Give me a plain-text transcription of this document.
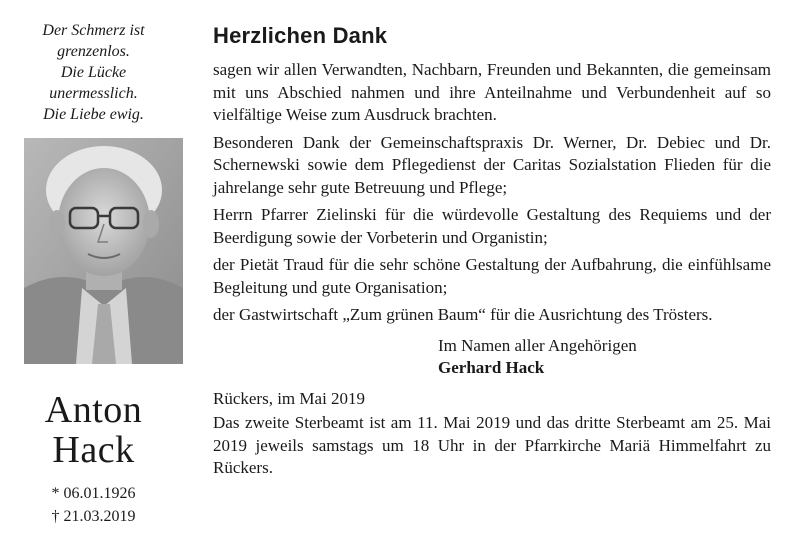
Der Schmerz ist
grenzenlos.
Die Lücke
unermesslich.
Die Liebe ewig.
Anton
Hack
* 06.01.1926
† 21.03.2019
Herzlichen Dank

sagen wir allen Verwandten, Nachbarn, Freunden und Bekannten, die gemeinsam mit uns Abschied nahmen und ihre Anteilnahme und Verbundenheit auf so vielfältige Weise zum Ausdruck brachten.

Besonderen Dank der Gemeinschaftspraxis Dr. Werner, Dr. Debiec und Dr. Schernewski sowie dem Pflegedienst der Caritas Sozialstation Flieden für die jahrelange sehr gute Betreuung und Pflege;

Herrn Pfarrer Zielinski für die würdevolle Gestaltung des Requiems und der Beerdigung sowie der Vorbeterin und Organistin;

der Pietät Traud für die sehr schöne Gestaltung der Aufbahrung, die einfühlsame Begleitung und gute Organisation;

der Gastwirtschaft „Zum grünen Baum“ für die Ausrichtung des Trösters.

Im Namen aller Angehörigen
Gerhard Hack
Rückers, im Mai 2019
Das zweite Sterbeamt ist am 11. Mai 2019 und das dritte Sterbeamt am 25. Mai 2019 jeweils samstags um 18 Uhr in der Pfarrkirche Mariä Himmelfahrt zu Rückers.
